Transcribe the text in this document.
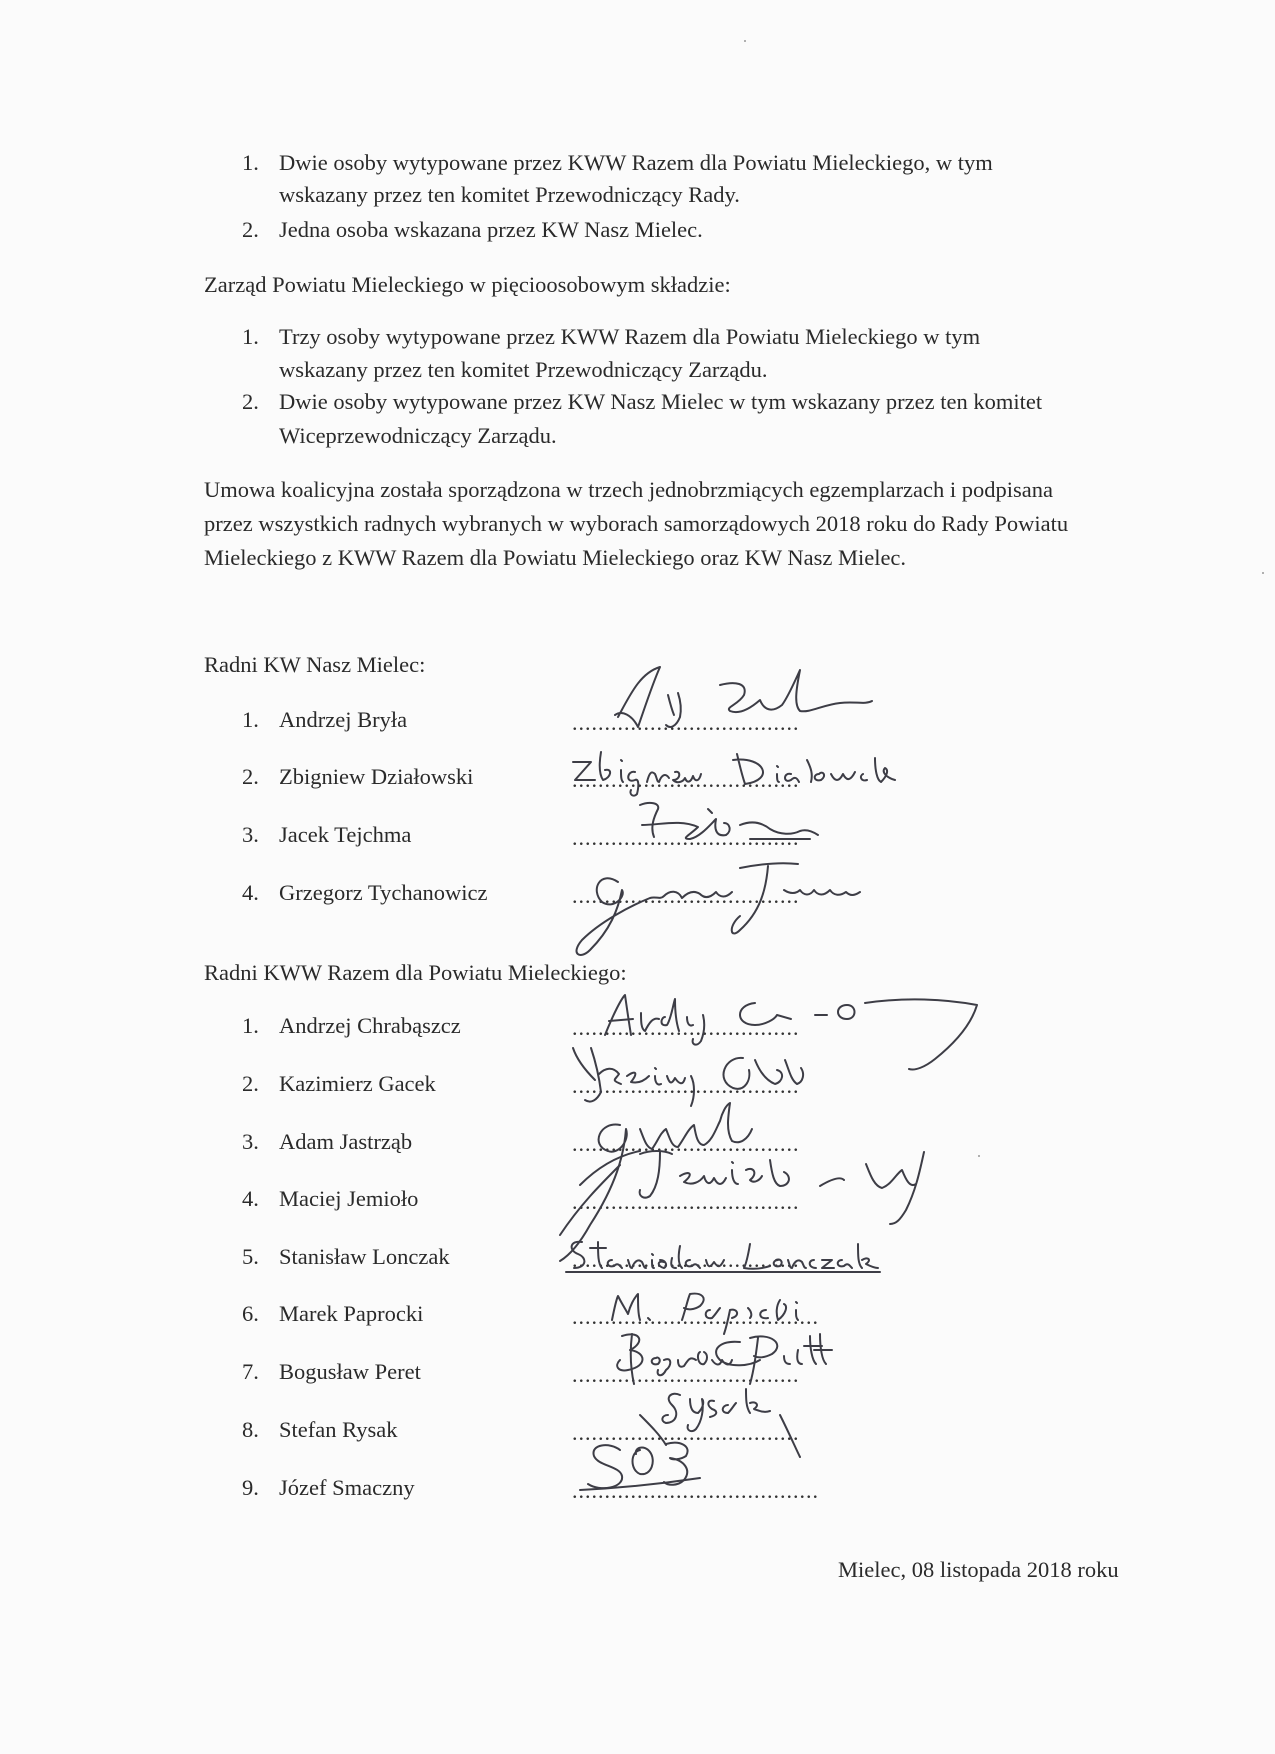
1. Dwie osoby wytypowane przez KWW Razem dla Powiatu Mieleckiego, w tym
wskazany przez ten komitet Przewodniczący Rady.
2. Jedna osoba wskazana przez KW Nasz Mielec.
Zarząd Powiatu Mieleckiego w pięcioosobowym składzie:
1. Trzy osoby wytypowane przez KWW Razem dla Powiatu Mieleckiego w tym
wskazany przez ten komitet Przewodniczący Zarządu.
2. Dwie osoby wytypowane przez KW Nasz Mielec w tym wskazany przez ten komitet
Wiceprzewodniczący Zarządu.
Umowa koalicyjna została sporządzona w trzech jednobrzmiących egzemplarzach i podpisana
przez wszystkich radnych wybranych w wyborach samorządowych 2018 roku do Rady Powiatu
Mieleckiego z KWW Razem dla Powiatu Mieleckiego oraz KW Nasz Mielec.
Radni KW Nasz Mielec:
1. Andrzej Bryła	...................................
2. Zbigniew Działowski	...................................
3. Jacek Tejchma	...................................
4. Grzegorz Tychanowicz	...................................
Radni KWW Razem dla Powiatu Mieleckiego:
1. Andrzej Chrabąszcz	...................................
2. Kazimierz Gacek	...................................
3. Adam Jastrząb	...................................
4. Maciej Jemioło	...................................
5. Stanisław Lonczak	...................................
6. Marek Paprocki	......................................
7. Bogusław Peret	...................................
8. Stefan Rysak	...................................
9. Józef Smaczny	......................................
Mielec, 08 listopada 2018 roku
